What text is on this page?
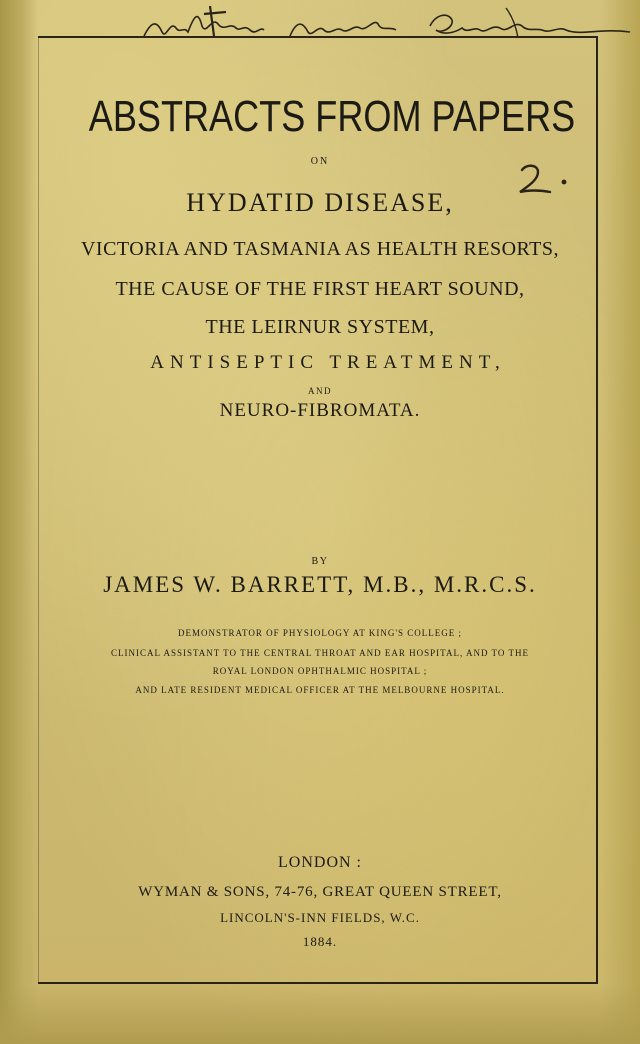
ABSTRACTS FROM PAPERS
ON
HYDATID DISEASE,
VICTORIA AND TASMANIA AS HEALTH RESORTS,
THE CAUSE OF THE FIRST HEART SOUND,
THE LEIRNUR SYSTEM,
ANTISEPTIC TREATMENT,
AND
NEURO-FIBROMATA.
BY
JAMES W. BARRETT, M.B., M.R.C.S.
DEMONSTRATOR OF PHYSIOLOGY AT KING'S COLLEGE ;
CLINICAL ASSISTANT TO THE CENTRAL THROAT AND EAR HOSPITAL, AND TO THE
ROYAL LONDON OPHTHALMIC HOSPITAL ;
AND LATE RESIDENT MEDICAL OFFICER AT THE MELBOURNE HOSPITAL.
LONDON :
WYMAN & SONS, 74-76, GREAT QUEEN STREET,
LINCOLN'S-INN FIELDS, W.C.
1884.
